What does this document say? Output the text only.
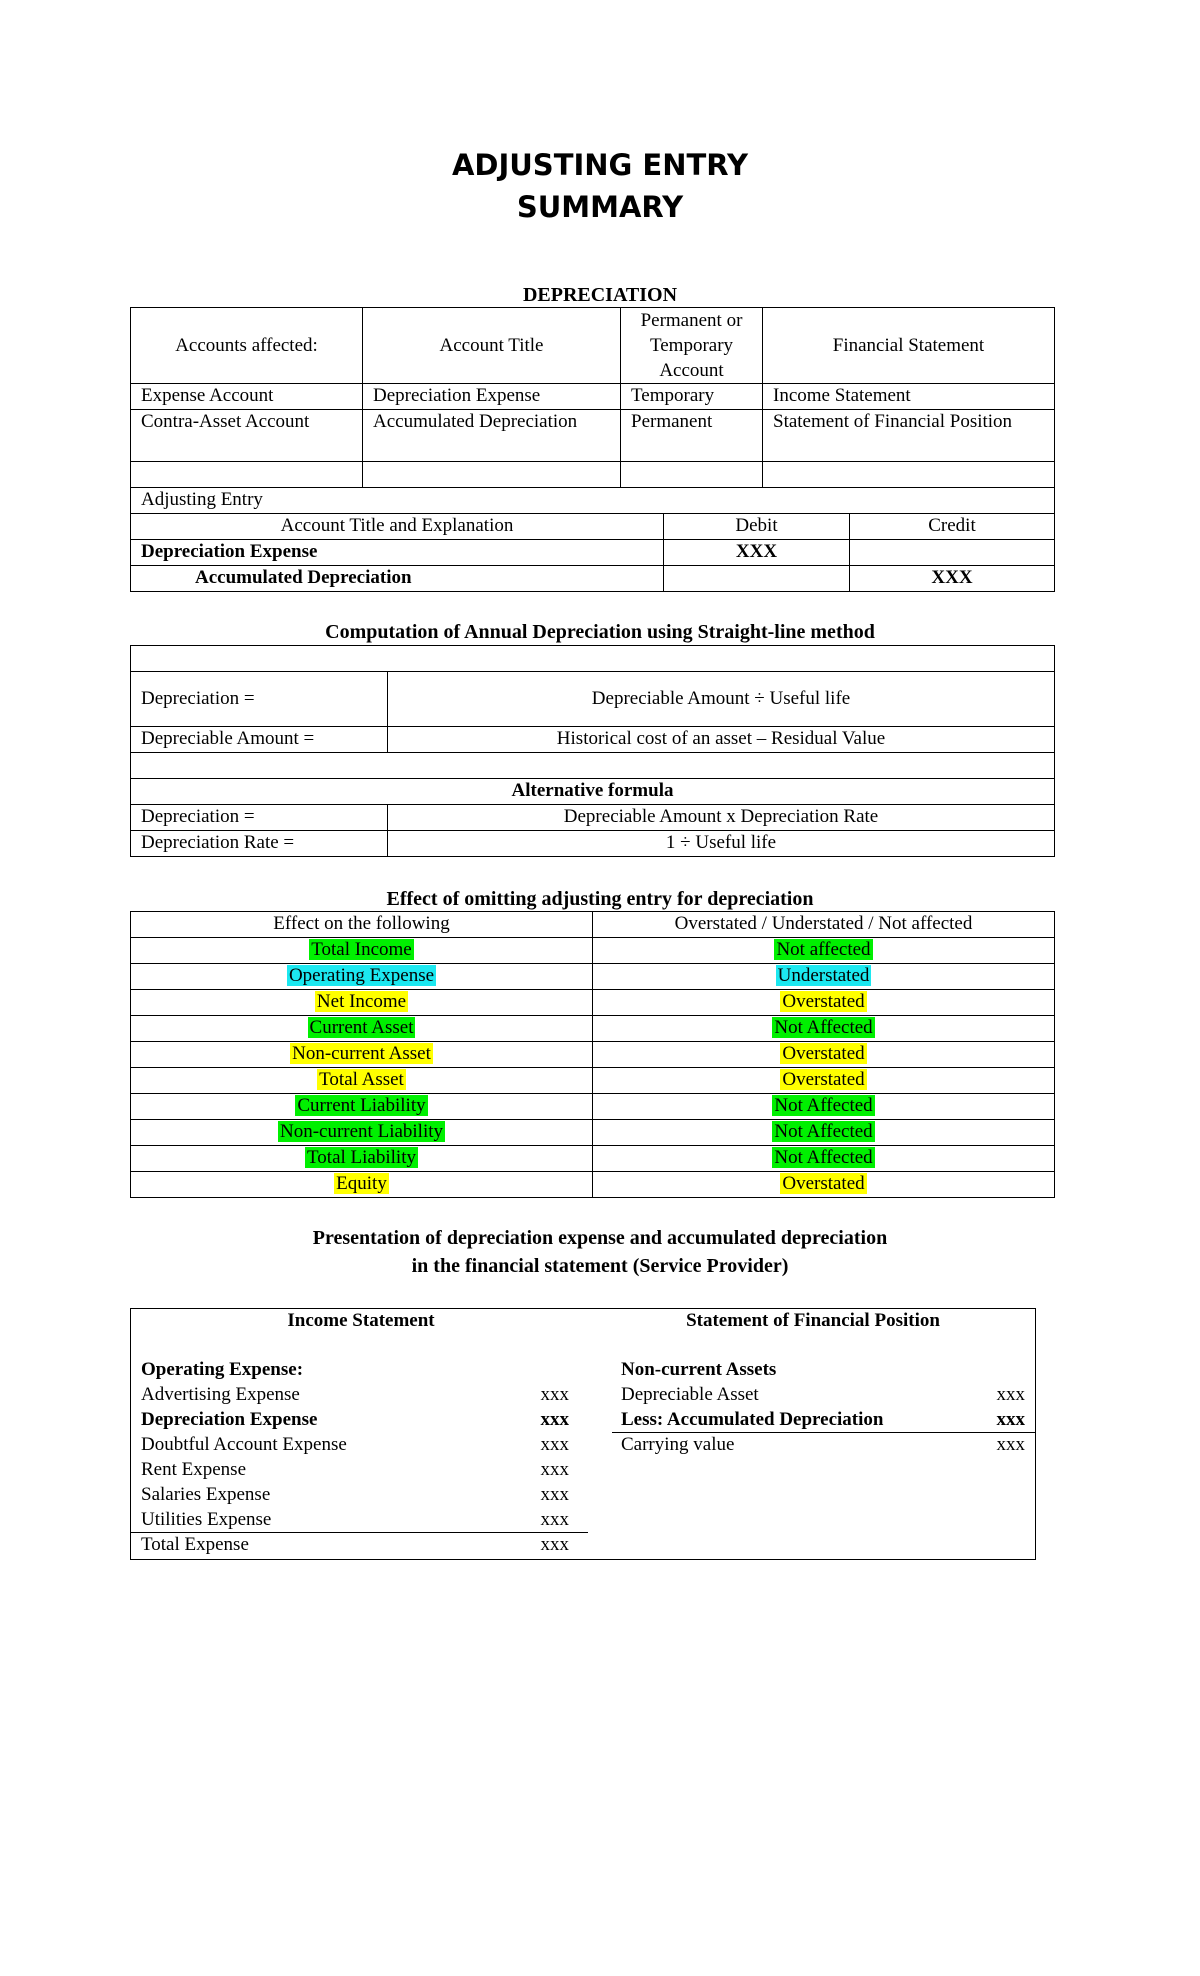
ADJUSTING ENTRY
SUMMARY
DEPRECIATION
Accounts affected:	Account Title	Permanent or Temporary Account	Financial Statement
Expense Account	Depreciation Expense	Temporary	Income Statement
Contra-Asset Account	Accumulated Depreciation	Permanent	Statement of Financial Position

Adjusting Entry		
Account Title and Explanation	Debit	Credit
Depreciation Expense	XXX	
Accumulated Depreciation		XXX
Computation of Annual Depreciation using Straight-line method

Depreciation =	Depreciable Amount ÷ Useful life
Depreciable Amount =	Historical cost of an asset – Residual Value

Alternative formula	
Depreciation =	Depreciable Amount x Depreciation Rate
Depreciation Rate =	1 ÷ Useful life
Effect of omitting adjusting entry for depreciation
Effect on the following	Overstated / Understated / Not affected
Total Income	Not affected
Operating Expense	Understated
Net Income	Overstated
Current Asset	Not Affected
Non-current Asset	Overstated
Total Asset	Overstated
Current Liability	Not Affected
Non-current Liability	Not Affected
Total Liability	Not Affected
Equity	Overstated
Presentation of depreciation expense and accumulated depreciation
in the financial statement (Service Provider)
Income Statement
Operating Expense:
Advertising Expense	xxx
Depreciation Expense	xxx
Doubtful Account Expense	xxx
Rent Expense	xxx
Salaries Expense	xxx
Utilities Expense	xxx
Total Expense	xxx
Statement of Financial Position
Non-current Assets
Depreciable Asset	xxx
Less: Accumulated Depreciation	xxx
Carrying value	xxx
